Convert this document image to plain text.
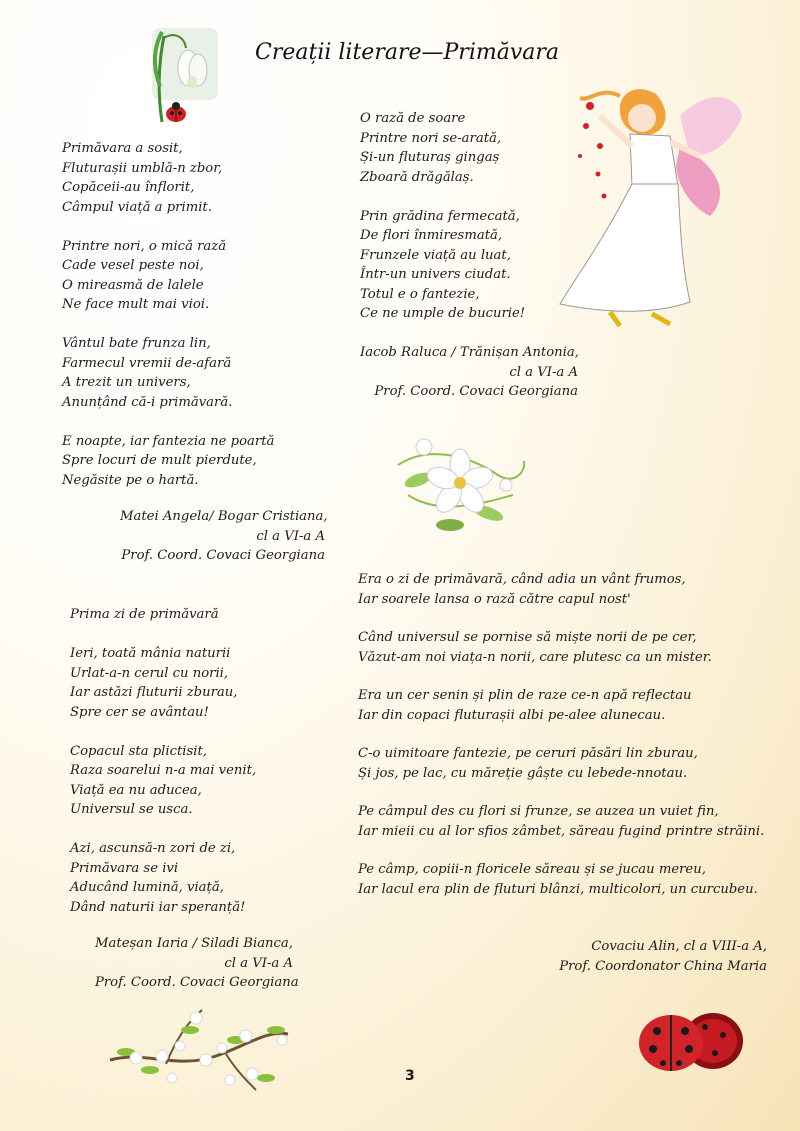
Creații literare—Primăvara
Primăvara a sosit,
Fluturașii umblă-n zbor,
Copăceii-au înflorit,
Câmpul viață a primit.
Printre nori, o mică rază
Cade vesel peste noi,
O mireasmă de lalele
Ne face mult mai vioi.
Vântul bate frunza lin,
Farmecul vremii de-afară
A trezit un univers,
Anunțând că-i primăvară.
E noapte, iar fantezia ne poartă
Spre locuri de mult pierdute,
Negăsite pe o hartă.
Matei Angela/ Bogar Cristiana,
cl a VI-a A
Prof. Coord. Covaci Georgiana
O rază de soare
Printre nori se-arată,
Și-un fluturaș gingaș
Zboară drăgălaș.
Prin grădina fermecată,
De flori înmiresmată,
Frunzele viață au luat,
Într-un univers ciudat.
Totul e o fantezie,
Ce ne umple de bucurie!
Iacob Raluca / Trănișan Antonia,
cl a VI-a A
Prof. Coord. Covaci Georgiana
Prima zi de primăvară
Ieri, toată mânia naturii
Urlat-a-n cerul cu norii,
Iar astăzi fluturii zburau,
Spre cer se avântau!
Copacul sta plictisit,
Raza soarelui n-a mai venit,
Viață ea nu aducea,
Universul se usca.
Azi, ascunsă-n zori de zi,
Primăvara se ivi
Aducând lumină, viață,
Dând naturii iar speranță!
Mateșan Iaria / Siladi Bianca,
cl a VI-a A
Prof. Coord. Covaci Georgiana
Era o zi de primăvară, când adia un vânt frumos,
Iar soarele lansa o rază către capul nost'
Când universul se pornise să miște norii de pe cer,
Văzut-am noi viața-n norii, care plutesc ca un mister.
Era un cer senin și plin de raze ce-n apă reflectau
Iar din copaci fluturașii albi pe-alee alunecau.
C-o uimitoare fantezie, pe ceruri păsări lin zburau,
Și jos, pe lac, cu măreție gâște cu lebede-nnotau.
Pe câmpul des cu flori si frunze, se auzea un vuiet fin,
Iar mieii cu al lor sfios zâmbet, săreau fugind printre străini.
Pe câmp, copiii-n floricele săreau și se jucau mereu,
Iar lacul era plin de fluturi blânzi, multicolori, un curcubeu.
Covaciu Alin, cl a VIII-a A,
Prof. Coordonator China Maria
3
